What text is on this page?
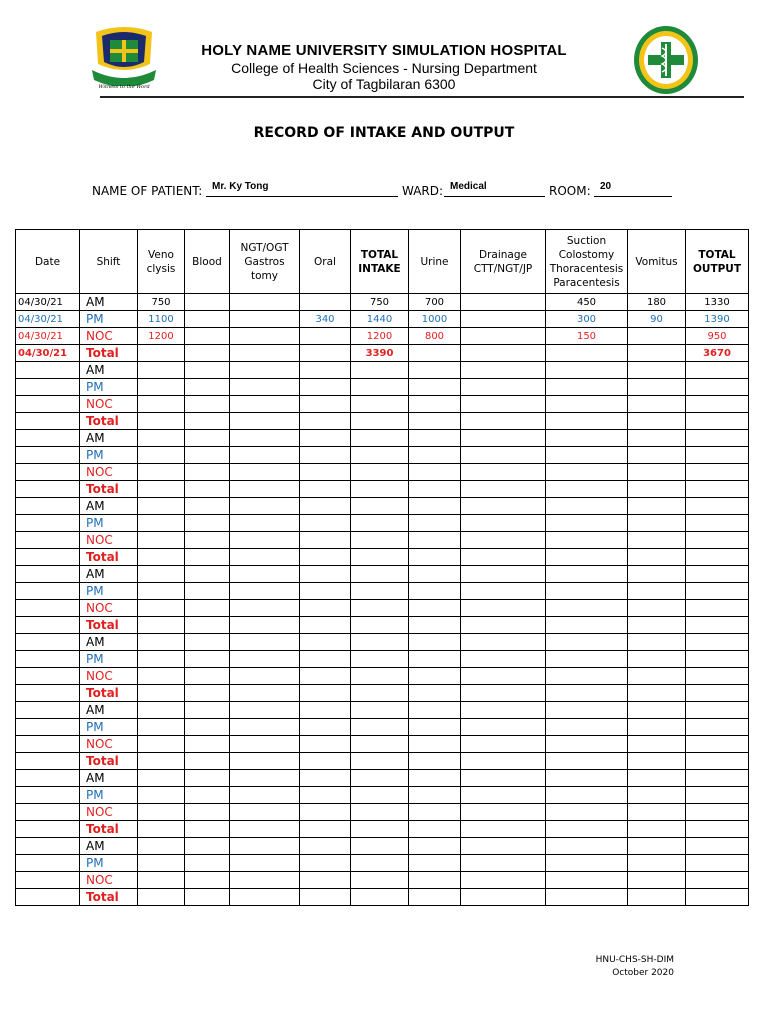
Witness to the Word
HOLY NAME UNIVERSITY SIMULATION HOSPITAL
College of Health Sciences - Nursing Department
City of Tagbilaran 6300
RECORD OF INTAKE AND OUTPUT
NAME OF PATIENT: Mr. Ky Tong	WARD: Medical	ROOM: 20
Date	Shift	Veno clysis	Blood	NGT/OGT Gastros tomy	Oral	TOTAL INTAKE	Urine	Drainage CTT/NGT/JP	Suction Colostomy Thoracentesis Paracentesis	Vomitus	TOTAL OUTPUT
04/30/21	AM	750				750	700		450	180	1330
04/30/21	PM	1100			340	1440	1000		300	90	1390
04/30/21	NOC	1200				1200	800		150		950
04/30/21	Total					3390					3670
	AM										
	PM										
	NOC										
	Total										
	AM										
	PM										
	NOC										
	Total										
	AM										
	PM										
	NOC										
	Total										
	AM										
	PM										
	NOC										
	Total										
	AM										
	PM										
	NOC										
	Total										
	AM										
	PM										
	NOC										
	Total										
	AM										
	PM										
	NOC										
	Total										
	AM										
	PM										
	NOC										
	Total										
HNU-CHS-SH-DIM
October 2020
